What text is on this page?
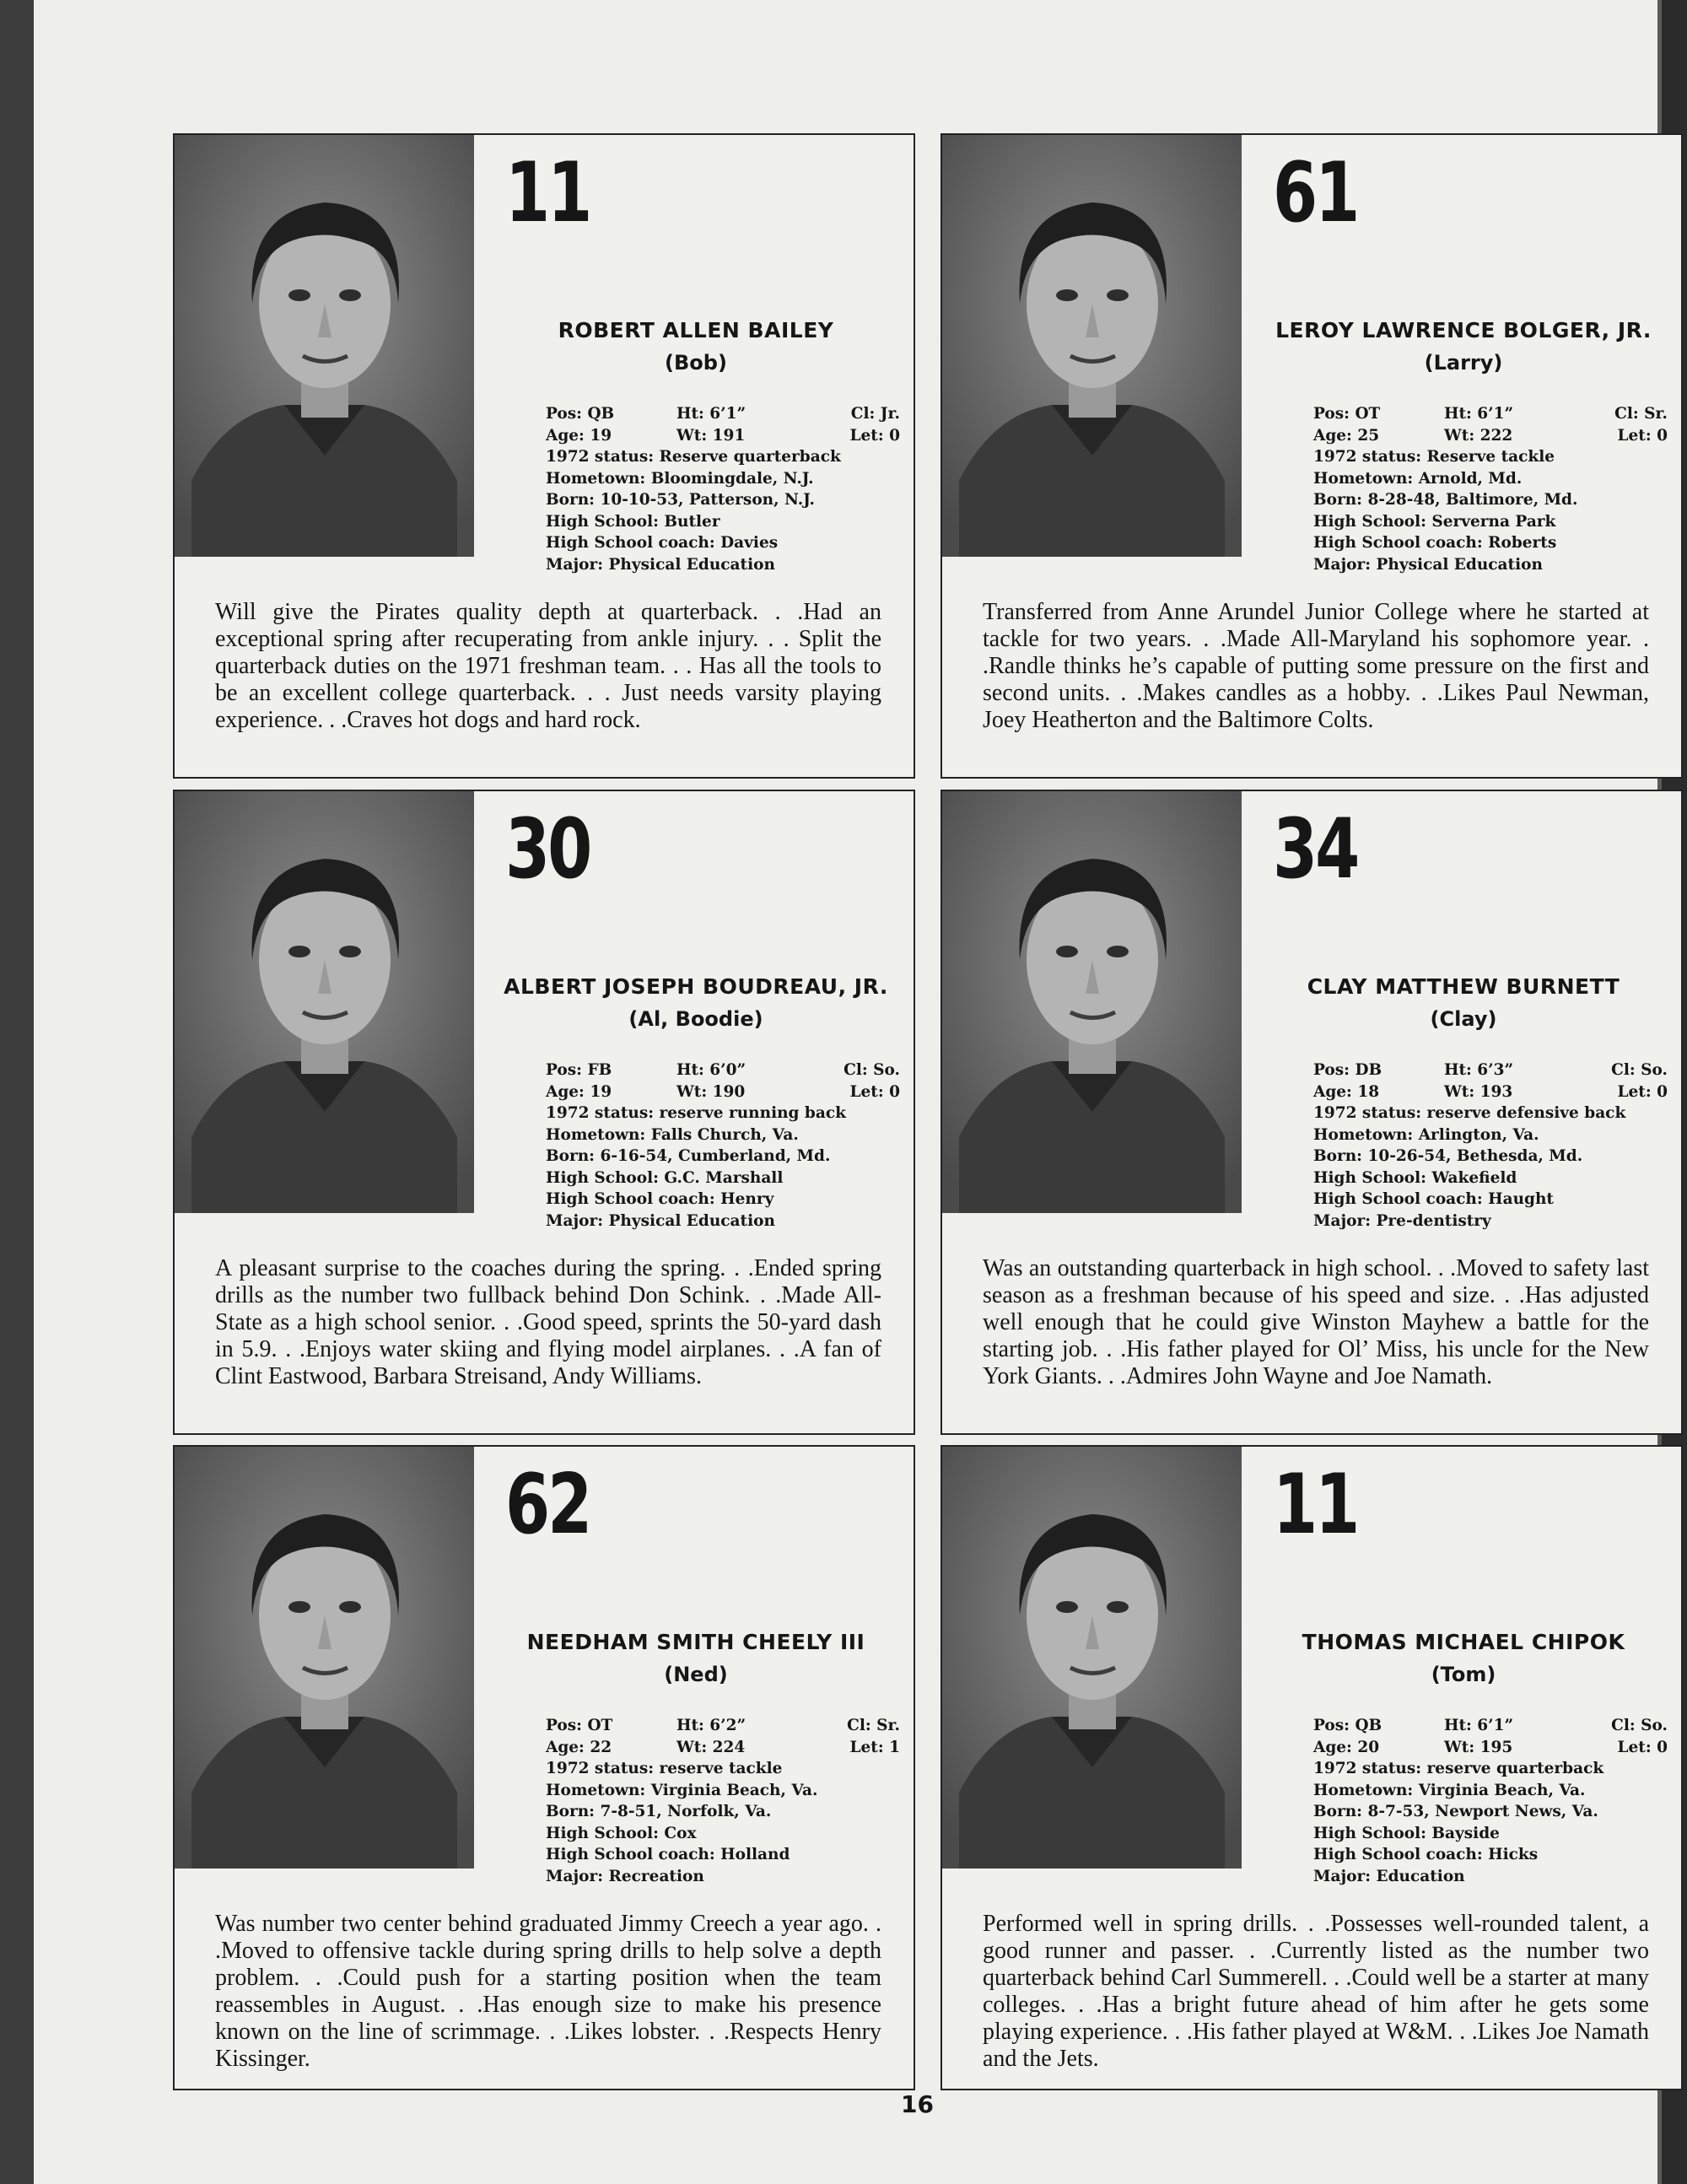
11
ROBERT ALLEN BAILEY
(Bob)
Pos: QB	Ht: 6’1”	Cl: Jr.
Age: 19	Wt: 191	Let: 0
1972 status: Reserve quarterback
Hometown: Bloomingdale, N.J.
Born: 10-10-53, Patterson, N.J.
High School: Butler
High School coach: Davies
Major: Physical Education
Will give the Pirates quality depth at quarterback. . .Had an exceptional spring after recuperating from ankle injury. . . Split the quarterback duties on the 1971 freshman team. . . Has all the tools to be an excellent college quarterback. . . Just needs varsity playing experience. . .Craves hot dogs and hard rock.
61
LEROY LAWRENCE BOLGER, JR.
(Larry)
Pos: OT	Ht: 6’1”	Cl: Sr.
Age: 25	Wt: 222	Let: 0
1972 status: Reserve tackle
Hometown: Arnold, Md.
Born: 8-28-48, Baltimore, Md.
High School: Serverna Park
High School coach: Roberts
Major: Physical Education
Transferred from Anne Arundel Junior College where he started at tackle for two years. . .Made All-Maryland his sophomore year. . .Randle thinks he’s capable of putting some pressure on the first and second units. . .Makes candles as a hobby. . .Likes Paul Newman, Joey Heatherton and the Baltimore Colts.
30
ALBERT JOSEPH BOUDREAU, JR.
(Al, Boodie)
Pos: FB	Ht: 6’0”	Cl: So.
Age: 19	Wt: 190	Let: 0
1972 status: reserve running back
Hometown: Falls Church, Va.
Born: 6-16-54, Cumberland, Md.
High School: G.C. Marshall
High School coach: Henry
Major: Physical Education
A pleasant surprise to the coaches during the spring. . .Ended spring drills as the number two fullback behind Don Schink. . .Made All-State as a high school senior. . .Good speed, sprints the 50-yard dash in 5.9. . .Enjoys water skiing and flying model airplanes. . .A fan of Clint Eastwood, Barbara Streisand, Andy Williams.
34
CLAY MATTHEW BURNETT
(Clay)
Pos: DB	Ht: 6’3”	Cl: So.
Age: 18	Wt: 193	Let: 0
1972 status: reserve defensive back
Hometown: Arlington, Va.
Born: 10-26-54, Bethesda, Md.
High School: Wakefield
High School coach: Haught
Major: Pre-dentistry
Was an outstanding quarterback in high school. . .Moved to safety last season as a freshman because of his speed and size. . .Has adjusted well enough that he could give Winston Mayhew a battle for the starting job. . .His father played for Ol’ Miss, his uncle for the New York Giants. . .Admires John Wayne and Joe Namath.
62
NEEDHAM SMITH CHEELY III
(Ned)
Pos: OT	Ht: 6’2”	Cl: Sr.
Age: 22	Wt: 224	Let: 1
1972 status: reserve tackle
Hometown: Virginia Beach, Va.
Born: 7-8-51, Norfolk, Va.
High School: Cox
High School coach: Holland
Major: Recreation
Was number two center behind graduated Jimmy Creech a year ago. . .Moved to offensive tackle during spring drills to help solve a depth problem. . .Could push for a starting position when the team reassembles in August. . .Has enough size to make his presence known on the line of scrimmage. . .Likes lobster. . .Respects Henry Kissinger.
11
THOMAS MICHAEL CHIPOK
(Tom)
Pos: QB	Ht: 6’1”	Cl: So.
Age: 20	Wt: 195	Let: 0
1972 status: reserve quarterback
Hometown: Virginia Beach, Va.
Born: 8-7-53, Newport News, Va.
High School: Bayside
High School coach: Hicks
Major: Education
Performed well in spring drills. . .Possesses well-rounded talent, a good runner and passer. . .Currently listed as the number two quarterback behind Carl Summerell. . .Could well be a starter at many colleges. . .Has a bright future ahead of him after he gets some playing experience. . .His father played at W&M. . .Likes Joe Namath and the Jets.
16
